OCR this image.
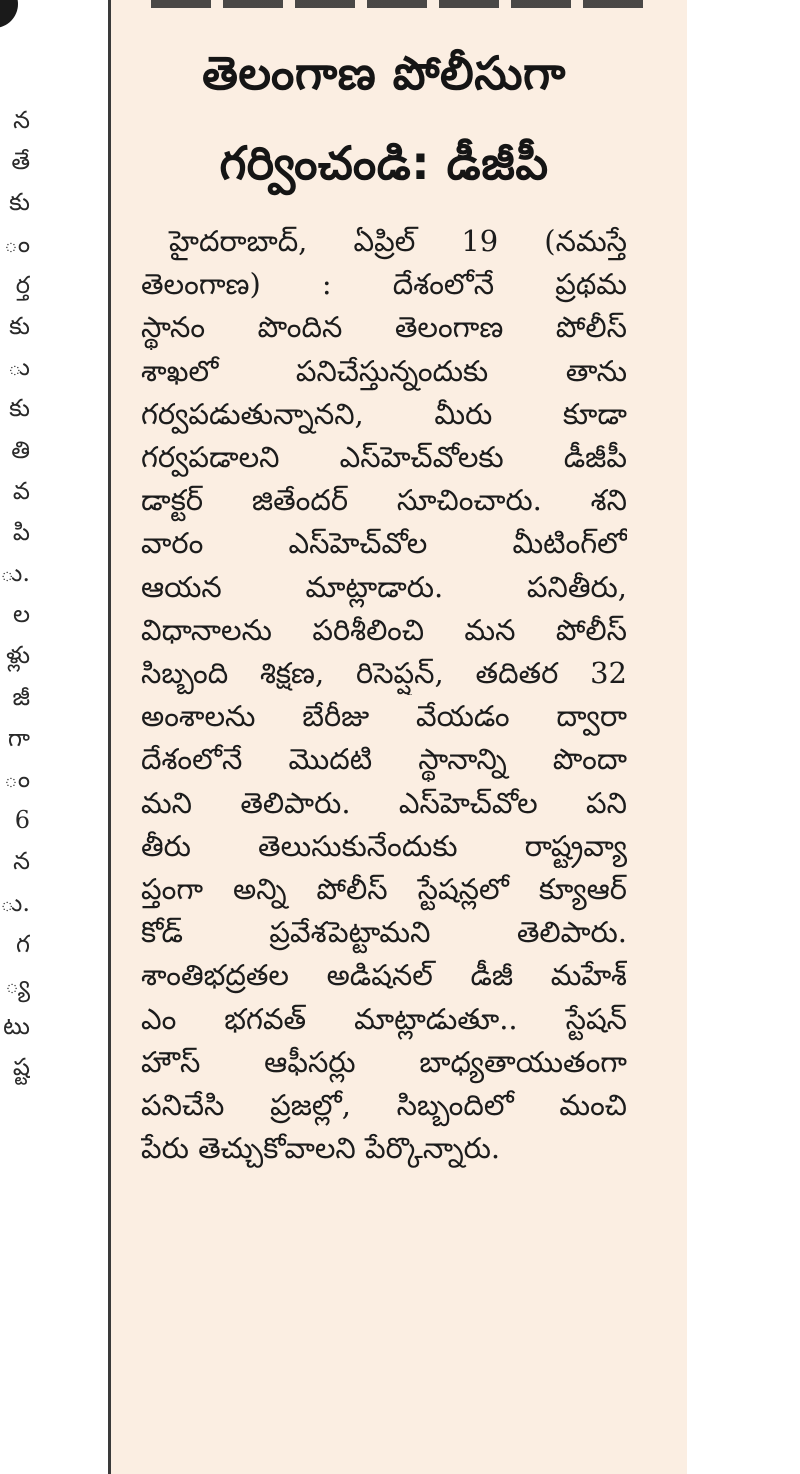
న
తే
కు
ం
ర్త
కు
ు
కు
తి
వ
పి
ు.
ల
ళ్లు
జీ
గా
ం
6
న
ు.
గ
్య
టు
ష్ట
తెలంగాణ పోలీసుగా
గర్వించండి: డీజీపీ
హైదరాబాద్, ఏప్రిల్ 19 (నమస్తే
తెలంగాణ) : దేశంలోనే ప్రథమ
స్థానం పొందిన తెలంగాణ పోలీస్
శాఖలో పనిచేస్తున్నందుకు తాను
గర్వపడుతున్నానని, మీరు కూడా
గర్వపడాలని ఎస్‌హెచ్‌వోలకు డీజీపీ
డాక్టర్ జితేందర్ సూచించారు. శని
వారం ఎస్‌హెచ్‌వోల మీటింగ్‌లో
ఆయన మాట్లాడారు. పనితీరు,
విధానాలను పరిశీలించి మన పోలీస్
సిబ్బంది శిక్షణ, రిసెప్షన్, తదితర 32
అంశాలను బేరీజు వేయడం ద్వారా
దేశంలోనే మొదటి స్థానాన్ని పొందా
మని తెలిపారు. ఎస్‌హెచ్‌వోల పని
తీరు తెలుసుకునేందుకు రాష్ట్రవ్యా
ప్తంగా అన్ని పోలీస్ స్టేషన్లలో క్యూఆర్
కోడ్ ప్రవేశపెట్టామని తెలిపారు.
శాంతిభద్రతల అడిషనల్ డీజీ మహేశ్
ఎం భగవత్ మాట్లాడుతూ.. స్టేషన్
హౌస్ ఆఫీసర్లు బాధ్యతాయుతంగా
పనిచేసి ప్రజల్లో, సిబ్బందిలో మంచి
పేరు తెచ్చుకోవాలని పేర్కొన్నారు.
